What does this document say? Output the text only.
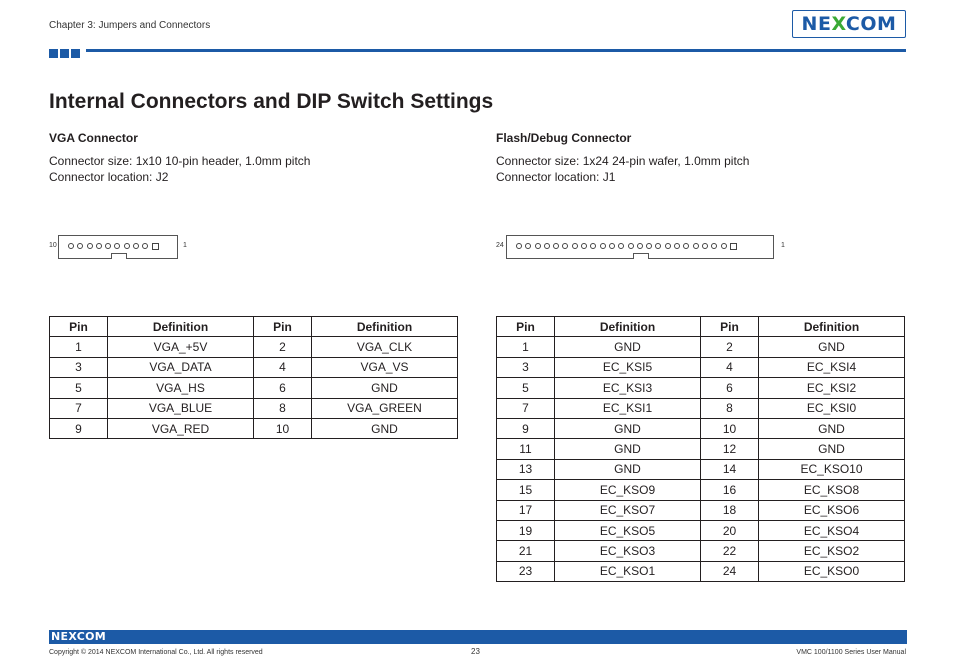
Chapter 3: Jumpers and Connectors	NEXCOM
Internal Connectors and DIP Switch Settings
VGA Connector

Connector size: 1x10 10-pin header, 1.0mm pitch

Connector location: J2

Flash/Debug Connector

Connector size: 1x24 24-pin wafer, 1.0mm pitch

Connector location: J1

10	1	24	1
Pin	Definition	Pin	Definition
1	VGA_+5V	2	VGA_CLK
3	VGA_DATA	4	VGA_VS
5	VGA_HS	6	GND
7	VGA_BLUE	8	VGA_GREEN
9	VGA_RED	10	GND
Pin	Definition	Pin	Definition
1	GND	2	GND
3	EC_KSI5	4	EC_KSI4
5	EC_KSI3	6	EC_KSI2
7	EC_KSI1	8	EC_KSI0
9	GND	10	GND
11	GND	12	GND
13	GND	14	EC_KSO10
15	EC_KSO9	16	EC_KSO8
17	EC_KSO7	18	EC_KSO6
19	EC_KSO5	20	EC_KSO4
21	EC_KSO3	22	EC_KSO2
23	EC_KSO1	24	EC_KSO0
NEXCOM
Copyright © 2014 NEXCOM International Co., Ltd. All rights reserved	23	VMC 100/1100 Series User Manual
